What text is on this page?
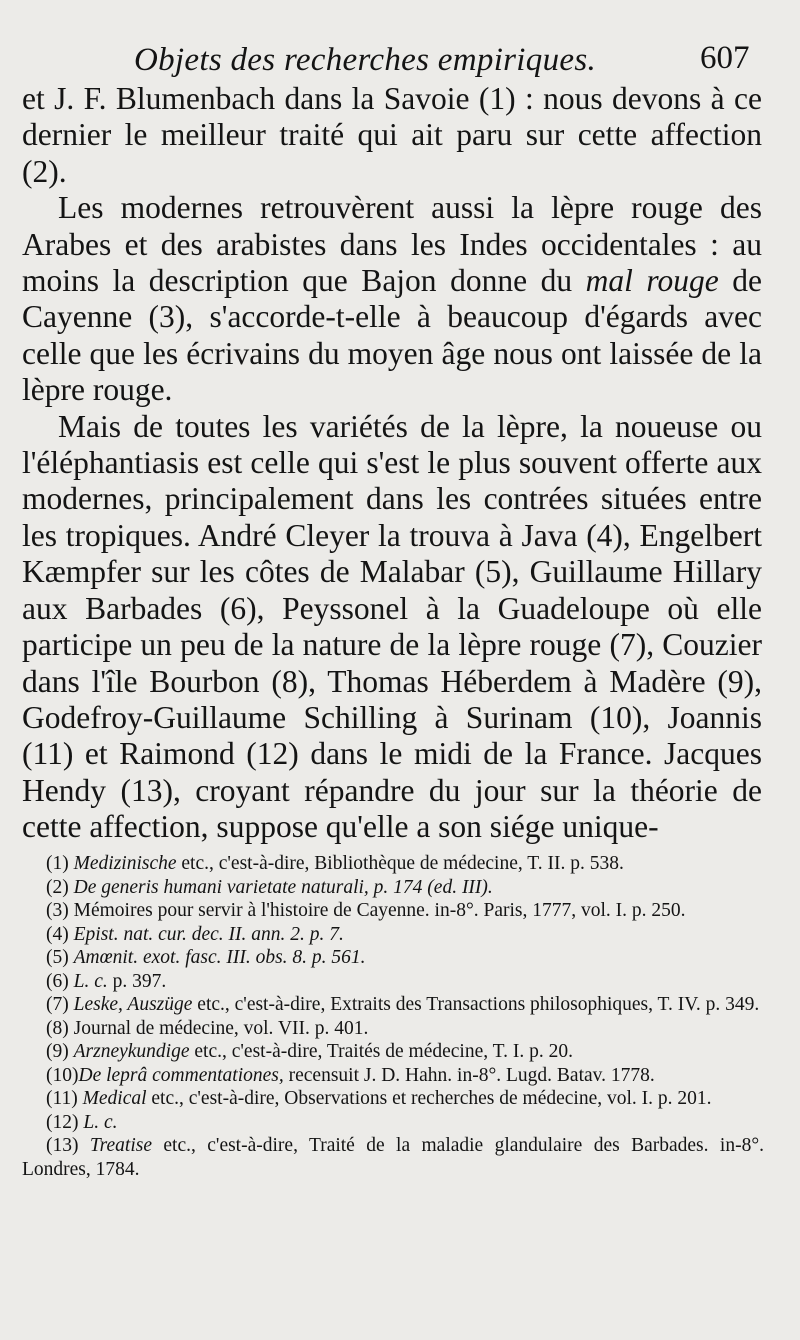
Objets des recherches empiriques.	607

et J. F. Blumenbach dans la Savoie (1) : nous devons à ce dernier le meilleur traité qui ait paru sur cette affection (2).

Les modernes retrouvèrent aussi la lèpre rouge des Arabes et des arabistes dans les Indes occidentales : au moins la description que Bajon donne du mal rouge de Cayenne (3), s'accorde-t-elle à beaucoup d'égards avec celle que les écrivains du moyen âge nous ont laissée de la lèpre rouge.

Mais de toutes les variétés de la lèpre, la noueuse ou l'éléphantiasis est celle qui s'est le plus souvent offerte aux modernes, principalement dans les contrées situées entre les tropiques. André Cleyer la trouva à Java (4), Engelbert Kæmpfer sur les côtes de Malabar (5), Guillaume Hillary aux Barbades (6), Peyssonel à la Guadeloupe où elle participe un peu de la nature de la lèpre rouge (7), Couzier dans l'île Bourbon (8), Thomas Héberdem à Madère (9), Godefroy-Guillaume Schilling à Surinam (10), Joannis (11) et Raimond (12) dans le midi de la France. Jacques Hendy (13), croyant répandre du jour sur la théorie de cette affection, suppose qu'elle a son siége unique-

(1) Medizinische etc., c'est-à-dire, Bibliothèque de médecine, T. II. p. 538.

(2) De generis humani varietate naturali, p. 174 (ed. III).

(3) Mémoires pour servir à l'histoire de Cayenne. in-8°. Paris, 1777, vol. I. p. 250.

(4) Epist. nat. cur. dec. II. ann. 2. p. 7.

(5) Amœnit. exot. fasc. III. obs. 8. p. 561.

(6) L. c. p. 397.

(7) Leske, Auszüge etc., c'est-à-dire, Extraits des Transactions philosophiques, T. IV. p. 349.

(8) Journal de médecine, vol. VII. p. 401.

(9) Arzneykundige etc., c'est-à-dire, Traités de médecine, T. I. p. 20.

(10)De leprâ commentationes, recensuit J. D. Hahn. in-8°. Lugd. Batav. 1778.

(11) Medical etc., c'est-à-dire, Observations et recherches de médecine, vol. I. p. 201.

(12) L. c.

(13) Treatise etc., c'est-à-dire, Traité de la maladie glandulaire des Barbades. in-8°. Londres, 1784.
